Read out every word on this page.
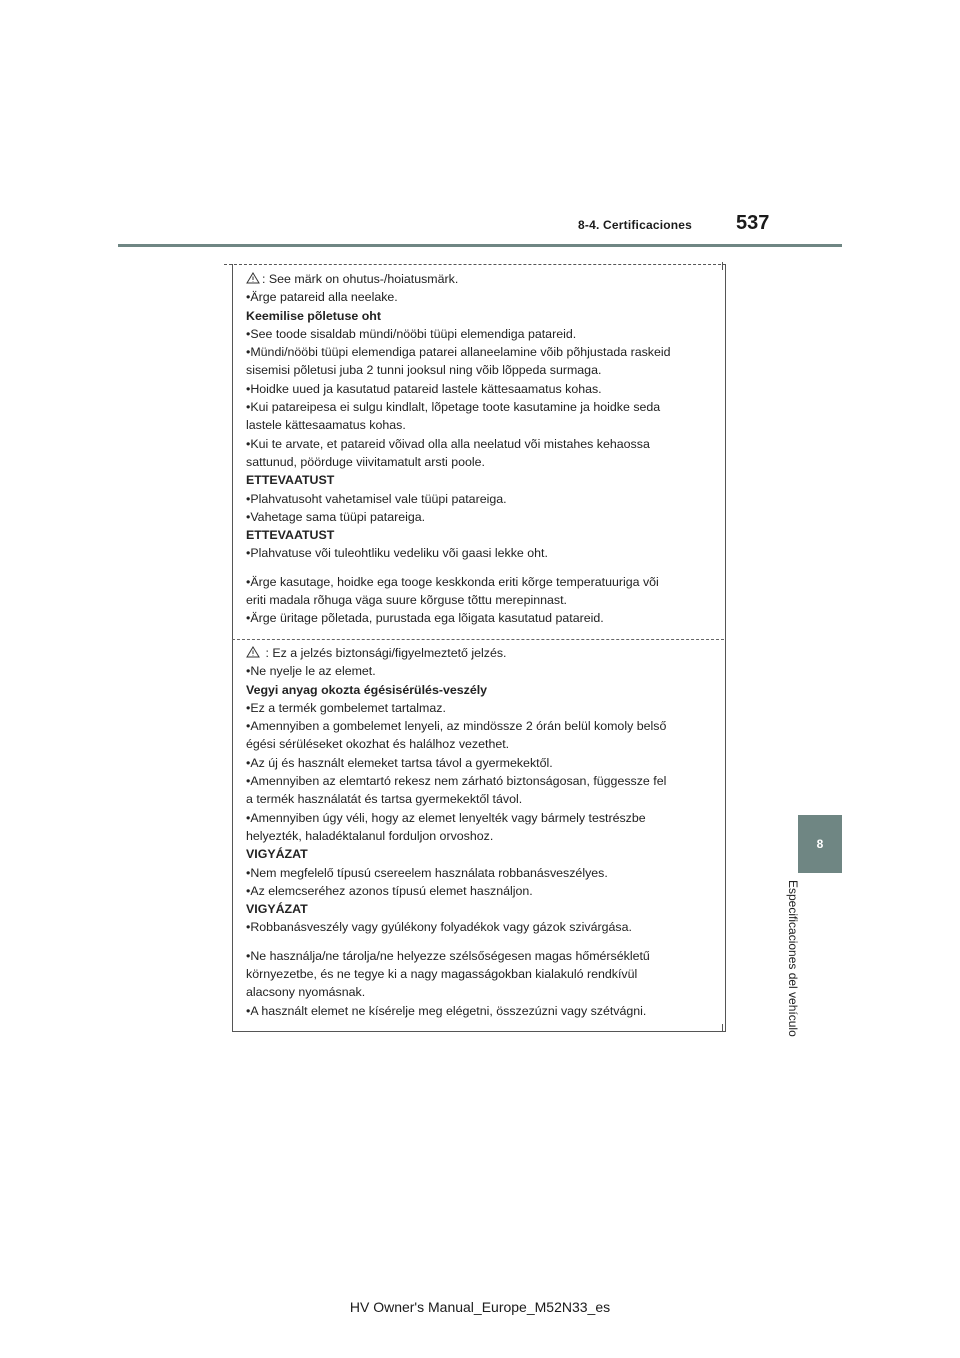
8-4. Certificaciones 537
8
Especificaciones del vehículo
: See märk on ohutus-/hoiatusmärk.
•Ärge patareid alla neelake.
Keemilise põletuse oht
•See toode sisaldab mündi/nööbi tüüpi elemendiga patareid.
•Mündi/nööbi tüüpi elemendiga patarei allaneelamine võib põhjustada raskeid
sisemisi põletusi juba 2 tunni jooksul ning võib lõppeda surmaga.
•Hoidke uued ja kasutatud patareid lastele kättesaamatus kohas.
•Kui patareipesa ei sulgu kindlalt, lõpetage toote kasutamine ja hoidke seda
lastele kättesaamatus kohas.
•Kui te arvate, et patareid võivad olla alla neelatud või mistahes kehaossa
sattunud, pöörduge viivitamatult arsti poole.
ETTEVAATUST
•Plahvatusoht vahetamisel vale tüüpi patareiga.
•Vahetage sama tüüpi patareiga.
ETTEVAATUST
•Plahvatuse või tuleohtliku vedeliku või gaasi lekke oht.
•Ärge kasutage, hoidke ega tooge keskkonda eriti kõrge temperatuuriga või
eriti madala rõhuga väga suure kõrguse tõttu merepinnast.
•Ärge üritage põletada, purustada ega lõigata kasutatud patareid.
: Ez a jelzés biztonsági/figyelmeztető jelzés.
•Ne nyelje le az elemet.
Vegyi anyag okozta égésisérülés-veszély
•Ez a termék gombelemet tartalmaz.
•Amennyiben a gombelemet lenyeli, az mindössze 2 órán belül komoly belső
égési sérüléseket okozhat és halálhoz vezethet.
•Az új és használt elemeket tartsa távol a gyermekektől.
•Amennyiben az elemtartó rekesz nem zárható biztonságosan, függessze fel
a termék használatát és tartsa gyermekektől távol.
•Amennyiben úgy véli, hogy az elemet lenyelték vagy bármely testrészbe
helyezték, haladéktalanul forduljon orvoshoz.
VIGYÁZAT
•Nem megfelelő típusú csereelem használata robbanásveszélyes.
•Az elemcseréhez azonos típusú elemet használjon.
VIGYÁZAT
•Robbanásveszély vagy gyúlékony folyadékok vagy gázok szivárgása.
•Ne használja/ne tárolja/ne helyezze szélsőségesen magas hőmérsékletű
környezetbe, és ne tegye ki a nagy magasságokban kialakuló rendkívül
alacsony nyomásnak.
•A használt elemet ne kísérelje meg elégetni, összezúzni vagy szétvágni.
HV Owner's Manual_Europe_M52N33_es
